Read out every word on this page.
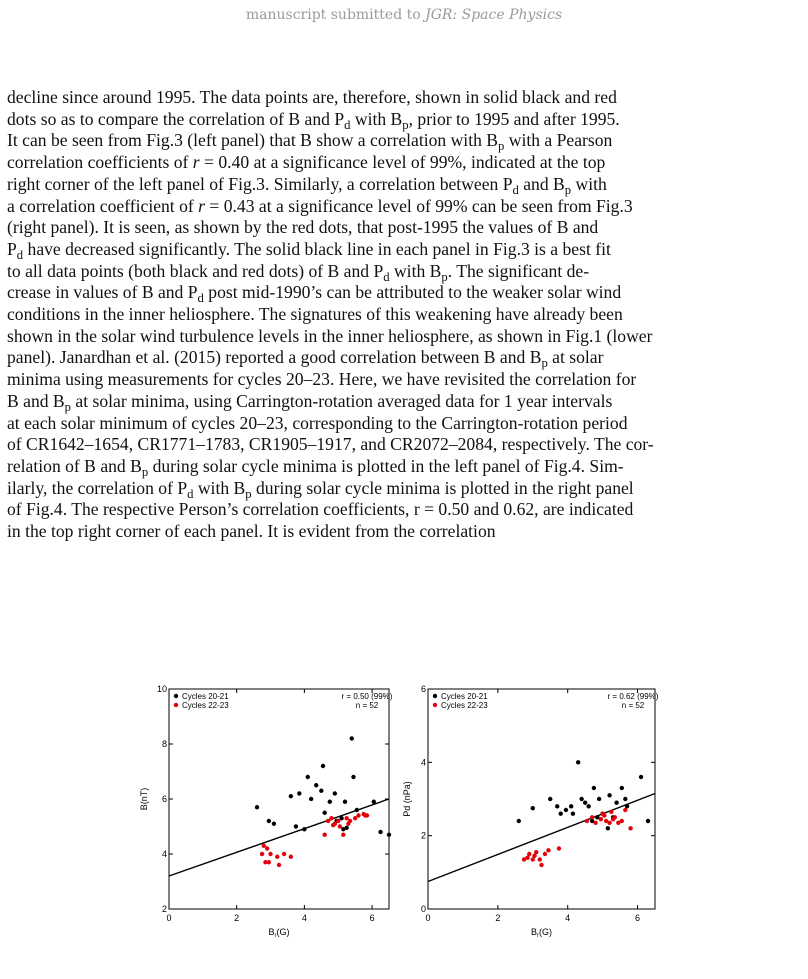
manuscript submitted to JGR: Space Physics
decline since around 1995. The data points are, therefore, shown in solid black and red
dots so as to compare the correlation of B and $P_d$ with $B_p$, prior to 1995 and after 1995.
It can be seen from Fig.3 (left panel) that B show a correlation with $B_p$ with a Pearson
correlation coefficients of r = 0.40 at a significance level of 99%, indicated at the top
right corner of the left panel of Fig.3. Similarly, a correlation between $P_d$ and $B_p$ with
a correlation coefficient of r = 0.43 at a significance level of 99% can be seen from Fig.3
(right panel). It is seen, as shown by the red dots, that post-1995 the values of B and
$P_d$ have decreased significantly. The solid black line in each panel in Fig.3 is a best fit
to all data points (both black and red dots) of B and $P_d$ with $B_p$. The significant de-
crease in values of B and $P_d$ post mid-1990’s can be attributed to the weaker solar wind
conditions in the inner heliosphere. The signatures of this weakening have already been
shown in the solar wind turbulence levels in the inner heliosphere, as shown in Fig.1 (lower
panel). Janardhan et al. (2015) reported a good correlation between B and $B_p$ at solar
minima using measurements for cycles 20–23. Here, we have revisited the correlation for
B and $B_p$ at solar minima, using Carrington-rotation averaged data for 1 year intervals
at each solar minimum of cycles 20–23, corresponding to the Carrington-rotation period
of CR1642–1654, CR1771–1783, CR1905–1917, and CR2072–2084, respectively. The cor-
relation of B and $B_p$ during solar cycle minima is plotted in the left panel of Fig.4. Sim-
ilarly, the correlation of $P_d$ with $B_p$ during solar cycle minima is plotted in the right panel
of Fig.4. The respective Person’s correlation coefficients, r = 0.50 and 0.62, are indicated
in the top right corner of each panel. It is evident from the correlation
0	2	4	6
2
4
6
8
10
$B_r(G)$
B(nT)
Cycles 20-21
Cycles 22-23
r = 0.50 (99%)
n = 52
0	2	4	6
0
2
4
6
$B_r(G)$
Pd (nPa)
Cycles 20-21
Cycles 22-23
r = 0.62 (99%)
n = 52
